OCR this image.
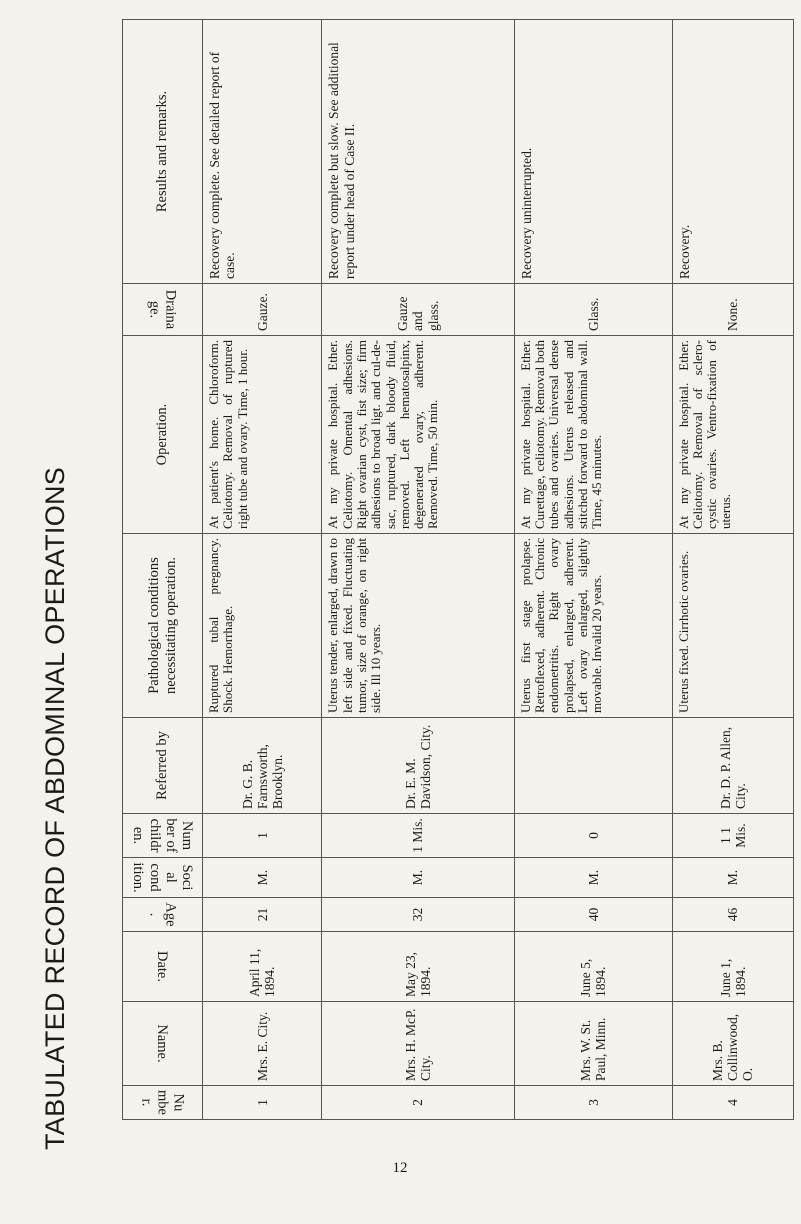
TABULATED RECORD OF ABDOMINAL OPERATIONS	Number.	Name.	Date.	Age.	Social condition.	Number of children.	Referred by	Pathological conditions necessitating operation.	Operation.	Drainage.	Results and remarks.
1	Mrs. E. City.	April 11, 1894.	21	M.	1	Dr. G. B. Farnsworth, Brooklyn.	Ruptured tubal pregnancy. Shock. Hemorrhage.	At patient's home. Chloroform. Celiotomy. Removal of ruptured right tube and ovary. Time, 1 hour.	Gauze.	Recovery complete. See detailed report of case.
2	Mrs. H. McP. City.	May 23, 1894.	32	M.	1 Mis.	Dr. E. M. Davidson, City.	Uterus tender, enlarged, drawn to left side and fixed. Fluctuating tumor, size of orange, on right side. Ill 10 years.	At my private hospital. Ether. Celiotomy. Omental adhesions. Right ovarian cyst, fist size; firm adhesions to broad ligt. and cul-de-sac, ruptured, dark bloody fluid, removed. Left hematosalpinx, degenerated ovary, adherent. Removed. Time, 50 min.	Gauze and glass.	Recovery complete but slow. See additional report under head of Case II.
3	Mrs. W. St. Paul, Minn.	June 5, 1894.	40	M.	0		Uterus first stage prolapse. Retroflexed, adherent. Chronic endometritis. Right ovary prolapsed, enlarged, adherent. Left ovary enlarged, slightly movable. Invalid 20 years.	At my private hospital. Ether. Curettage, celiotomy. Removal both tubes and ovaries. Universal dense adhesions. Uterus released and stitched forward to abdominal wall. Time, 45 minutes.	Glass.	Recovery uninterrupted.
4	Mrs. B. Collinwood, O.	June 1, 1894.	46	M.	1 1 Mis.	Dr. D. P. Allen, City.	Uterus fixed. Cirrhotic ovaries.	At my private hospital. Ether. Celiotomy. Removal of sclero-cystic ovaries. Ventro-fixation of uterus.	None.	Recovery.
12
